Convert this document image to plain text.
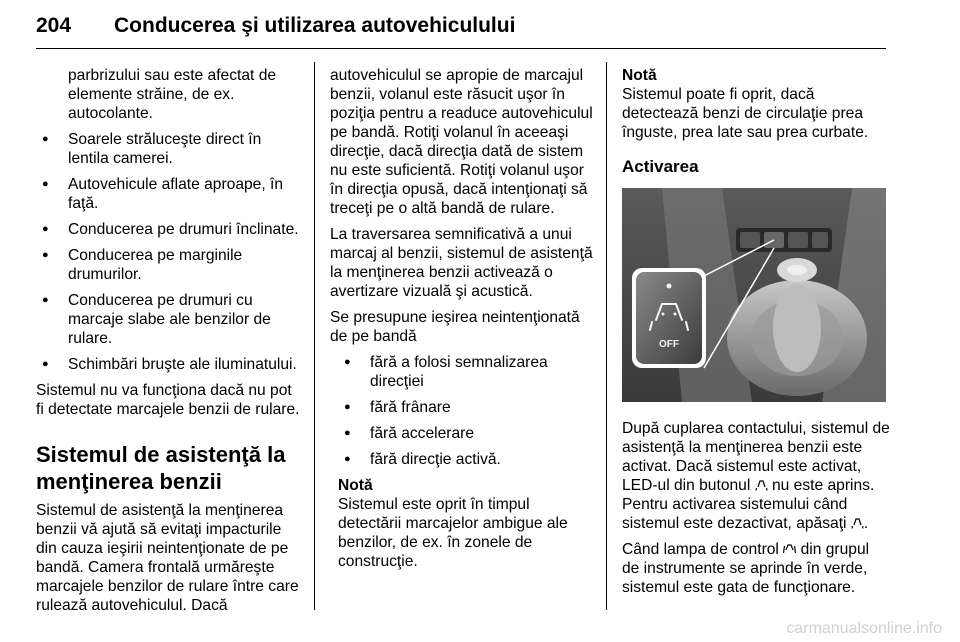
204 Conducerea şi utilizarea autovehiculului

parbrizului sau este afectat de elemente străine, de ex. autocolante.

● Soarele străluceşte direct în lentila camerei.
● Autovehicule aflate aproape, în faţă.
● Conducerea pe drumuri înclinate.
● Conducerea pe marginile drumurilor.
● Conducerea pe drumuri cu marcaje slabe ale benzilor de rulare.
● Schimbări bruşte ale iluminatului.

Sistemul nu va funcţiona dacă nu pot fi detectate marcajele benzii de rulare.

Sistemul de asistenţă la menţinerea benzii

Sistemul de asistenţă la menţinerea benzii vă ajută să evitaţi impacturile din cauza ieşirii neintenţionate de pe bandă. Camera frontală urmăreşte marcajele benzilor de rulare între care rulează autovehiculul. Dacă

autovehiculul se apropie de marcajul benzii, volanul este răsucit uşor în poziţia pentru a readuce autovehiculul pe bandă. Rotiţi volanul în aceeaşi direcţie, dacă direcţia dată de sistem nu este suficientă. Rotiţi volanul uşor în direcţia opusă, dacă intenţionaţi să treceţi pe o altă bandă de rulare.

La traversarea semnificativă a unui marcaj al benzii, sistemul de asistenţă la menţinerea benzii activează o avertizare vizuală şi acustică.

Se presupune ieşirea neintenţionată de pe bandă

● fără a folosi semnalizarea direcţiei
● fără frânare
● fără accelerare
● fără direcţie activă.

Notă

Sistemul este oprit în timpul detectării marcajelor ambigue ale benzilor, de ex. în zonele de construcţie.

Notă

Sistemul poate fi oprit, dacă detectează benzi de circulaţie prea înguste, prea late sau prea curbate.

Activarea
OFF

După cuplarea contactului, sistemul de asistenţă la menţinerea benzii este activat. Dacă sistemul este activat, LED-ul din butonul nu este aprins. Pentru activarea sistemului când sistemul este dezactivat, apăsaţi .

Când lampa de control din grupul de instrumente se aprinde în verde, sistemul este gata de funcţionare.

carmanualsonline.info
